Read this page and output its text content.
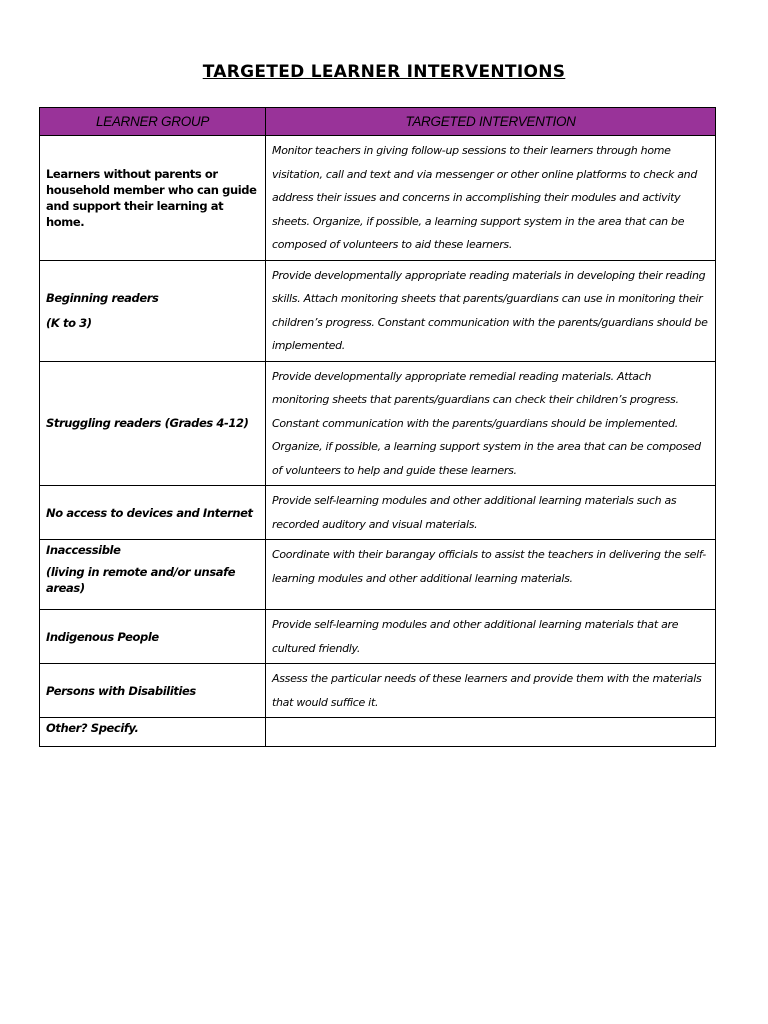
TARGETED LEARNER INTERVENTIONS
LEARNER GROUP	TARGETED INTERVENTION

Learners without parents or household member who can guide and support their learning at home.	Monitor teachers in giving follow-up sessions to their learners through home visitation, call and text and via messenger or other online platforms to check and address their issues and concerns in accomplishing their modules and activity sheets. Organize, if possible, a learning support system in the area that can be composed of volunteers to aid these learners.

Beginning readers
(K to 3)	Provide developmentally appropriate reading materials in developing their reading skills. Attach monitoring sheets that parents/guardians can use in monitoring their children’s progress. Constant communication with the parents/guardians should be implemented.

Struggling readers (Grades 4-12)	Provide developmentally appropriate remedial reading materials. Attach monitoring sheets that parents/guardians can check their children’s progress. Constant communication with the parents/guardians should be implemented. Organize, if possible, a learning support system in the area that can be composed of volunteers to help and guide these learners.

No access to devices and Internet	Provide self-learning modules and other additional learning materials such as recorded auditory and visual materials.

Inaccessible
(living in remote and/or unsafe areas)	Coordinate with their barangay officials to assist the teachers in delivering the self-learning modules and other additional learning materials.

Indigenous People	Provide self-learning modules and other additional learning materials that are cultured friendly.

Persons with Disabilities	Assess the particular needs of these learners and provide them with the materials that would suffice it.

Other? Specify.	
